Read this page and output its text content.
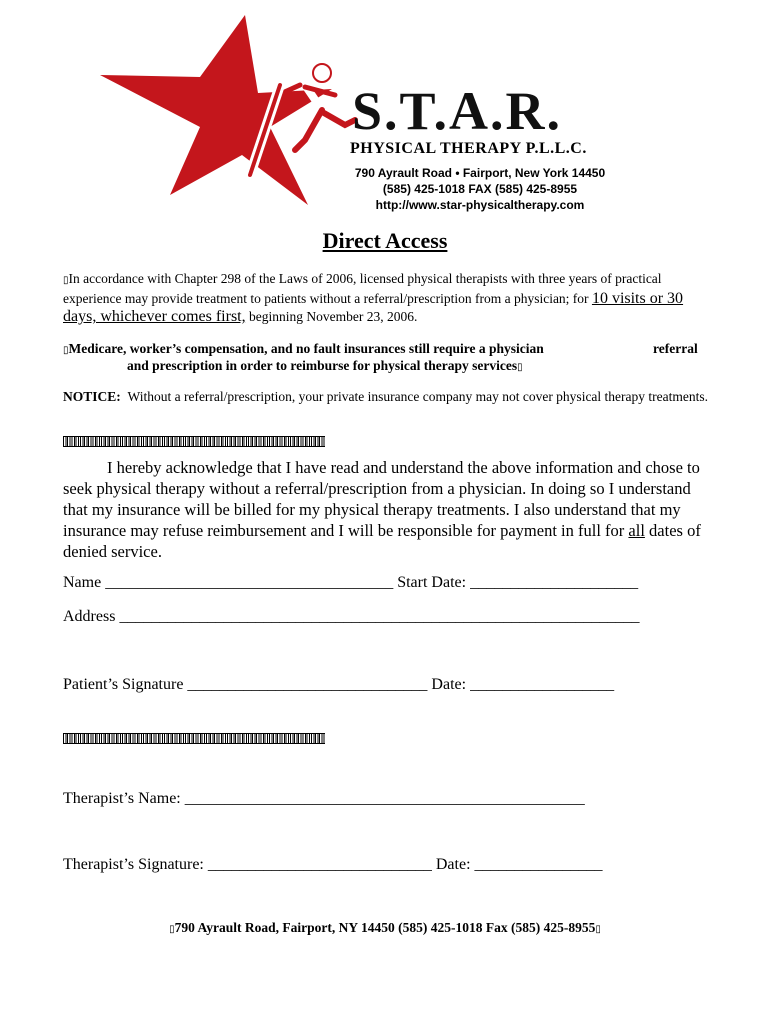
S.T.A.R.
PHYSICAL THERAPY P.L.L.C.
790 Ayrault Road • Fairport, New York 14450
(585) 425-1018 FAX (585) 425-8955
http://www.star-physicaltherapy.com
Direct Access
▯In accordance with Chapter 298 of the Laws of 2006, licensed physical therapists with three years of practical experience may provide treatment to patients without a referral/prescription from a physician; for 10 visits or 30 days, whichever comes first, beginning November 23, 2006.
▯Medicare, worker’s compensation, and no fault insurances still require a physician	referral
and prescription in order to reimburse for physical therapy services▯
NOTICE: Without a referral/prescription, your private insurance company may not cover physical therapy treatments.
I hereby acknowledge that I have read and understand the above information and chose to seek physical therapy without a referral/prescription from a physician. In doing so I understand that my insurance will be billed for my physical therapy treatments. I also understand that my insurance may refuse reimbursement and I will be responsible for payment in full for all dates of denied service.
Name ____________________________________ Start Date: _____________________
Address _________________________________________________________________
Patient’s Signature ______________________________ Date: __________________
Therapist’s Name: __________________________________________________
Therapist’s Signature: ____________________________ Date: ________________
▯790 Ayrault Road, Fairport, NY 14450 (585) 425-1018 Fax (585) 425-8955▯
